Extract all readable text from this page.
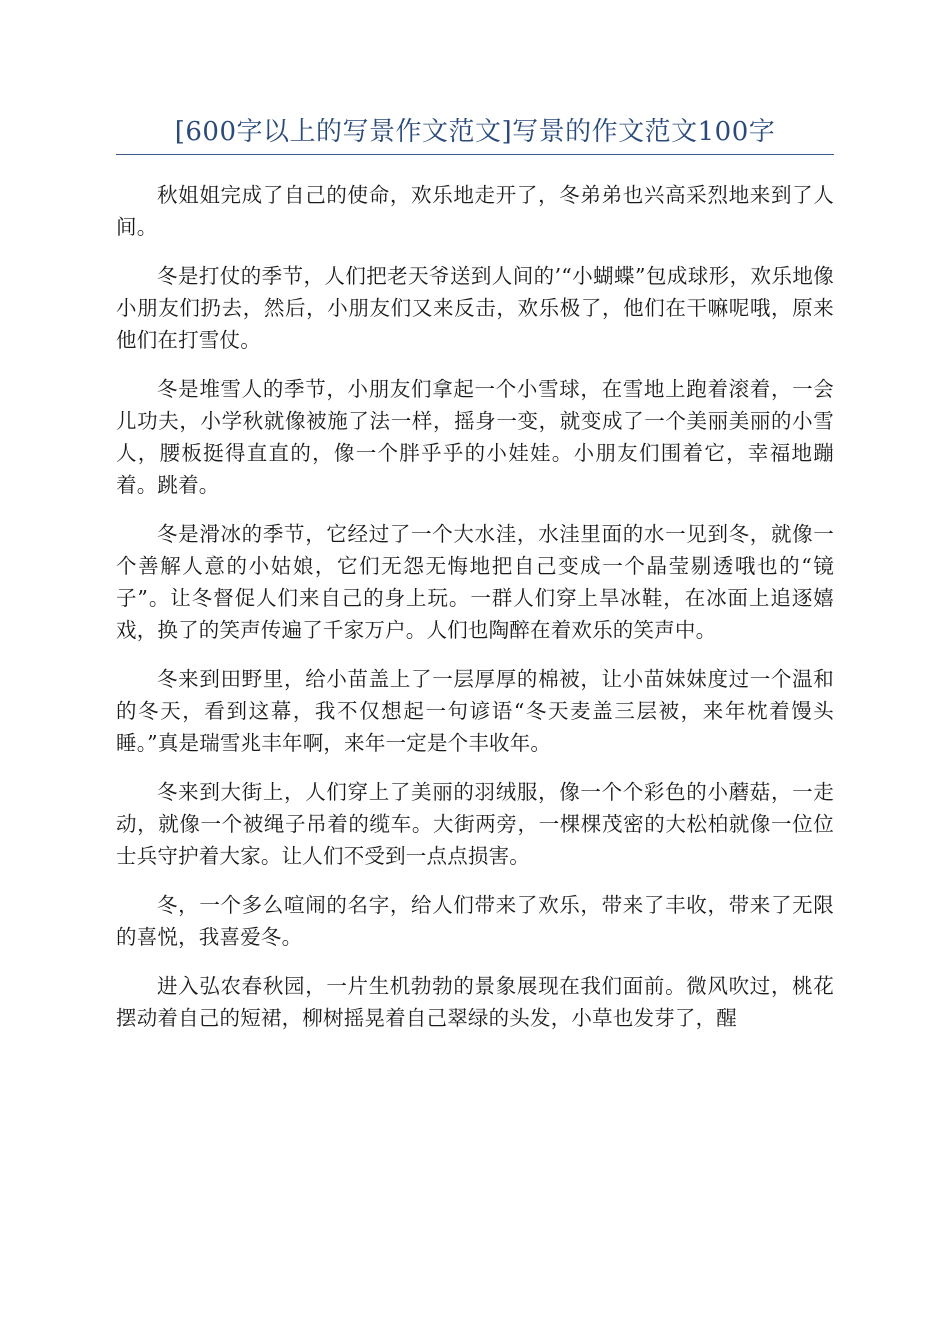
[600字以上的写景作文范文]写景的作文范文100字

秋姐姐完成了自己的使命，欢乐地走开了，冬弟弟也兴高采烈地来到了人间。

冬是打仗的季节，人们把老天爷送到人间的’“小蝴蝶”包成球形，欢乐地像小朋友们扔去，然后，小朋友们又来反击，欢乐极了，他们在干嘛呢哦，原来他们在打雪仗。

冬是堆雪人的季节，小朋友们拿起一个小雪球，在雪地上跑着滚着，一会儿功夫，小学秋就像被施了法一样，摇身一变，就变成了一个美丽美丽的小雪人，腰板挺得直直的，像一个胖乎乎的小娃娃。小朋友们围着它，幸福地蹦着。跳着。

冬是滑冰的季节，它经过了一个大水洼，水洼里面的水一见到冬，就像一个善解人意的小姑娘，它们无怨无悔地把自己变成一个晶莹剔透哦也的“镜子”。让冬督促人们来自己的身上玩。一群人们穿上旱冰鞋，在冰面上追逐嬉戏，换了的笑声传遍了千家万户。人们也陶醉在着欢乐的笑声中。

冬来到田野里，给小苗盖上了一层厚厚的棉被，让小苗妹妹度过一个温和的冬天，看到这幕，我不仅想起一句谚语“冬天麦盖三层被，来年枕着馒头睡。”真是瑞雪兆丰年啊，来年一定是个丰收年。

冬来到大街上，人们穿上了美丽的羽绒服，像一个个彩色的小蘑菇，一走动，就像一个被绳子吊着的缆车。大街两旁，一棵棵茂密的大松柏就像一位位士兵守护着大家。让人们不受到一点点损害。

冬，一个多么喧闹的名字，给人们带来了欢乐，带来了丰收，带来了无限的喜悦，我喜爱冬。

进入弘农春秋园，一片生机勃勃的景象展现在我们面前。微风吹过，桃花摆动着自己的短裙，柳树摇晃着自己翠绿的头发，小草也发芽了，醒
